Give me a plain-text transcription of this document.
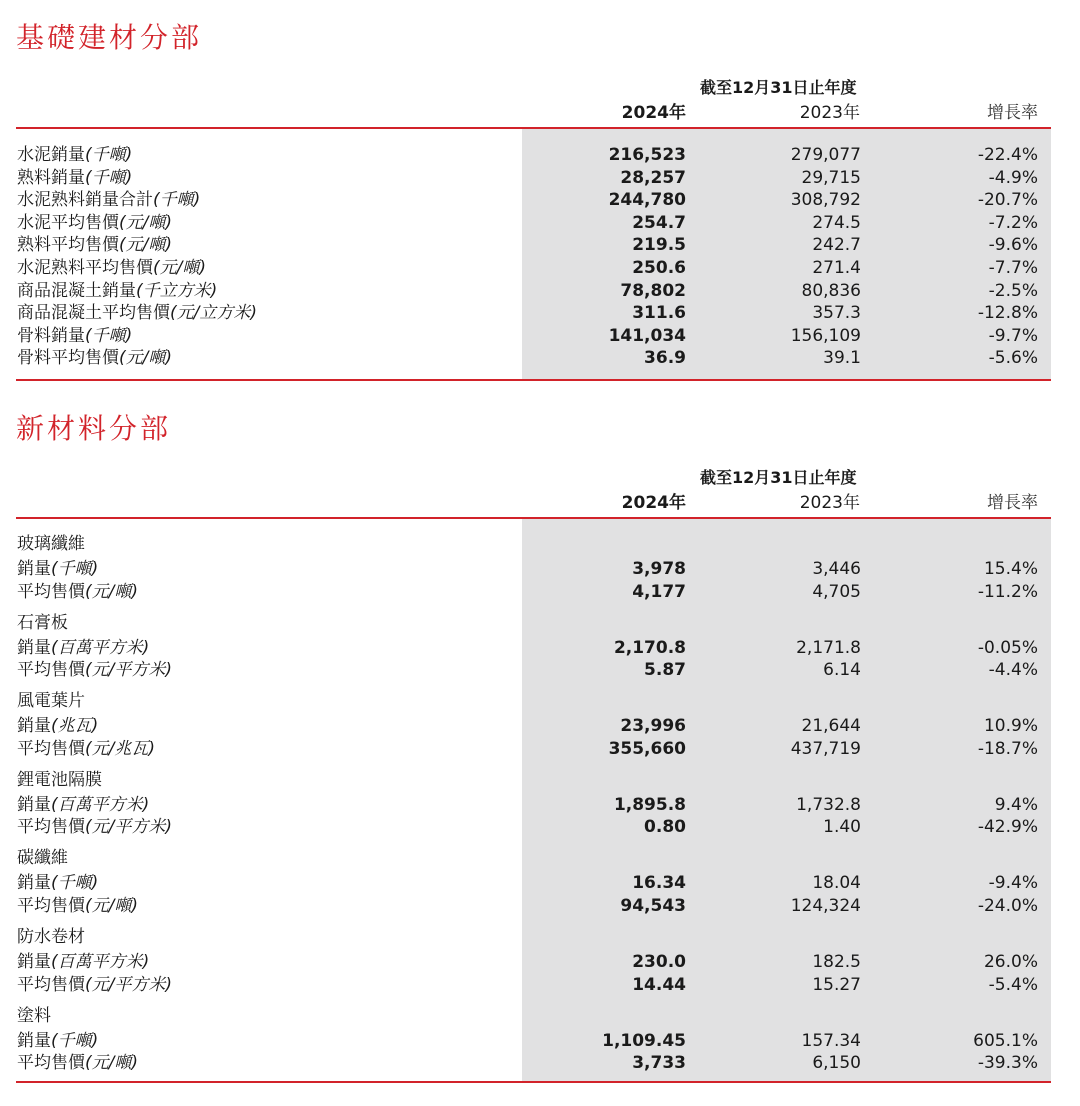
基礎建材分部
截至12月31日止年度
2024年	2023年	增長率
水泥銷量(千噸)	216,523	279,077	-22.4%
熟料銷量(千噸)	28,257	29,715	-4.9%
水泥熟料銷量合計(千噸)	244,780	308,792	-20.7%
水泥平均售價(元/噸)	254.7	274.5	-7.2%
熟料平均售價(元/噸)	219.5	242.7	-9.6%
水泥熟料平均售價(元/噸)	250.6	271.4	-7.7%
商品混凝土銷量(千立方米)	78,802	80,836	-2.5%
商品混凝土平均售價(元/立方米)	311.6	357.3	-12.8%
骨料銷量(千噸)	141,034	156,109	-9.7%
骨料平均售價(元/噸)	36.9	39.1	-5.6%
新材料分部
截至12月31日止年度
2024年	2023年	增長率
玻璃纖維
銷量(千噸)	3,978	3,446	15.4%
平均售價(元/噸)	4,177	4,705	-11.2%
石膏板
銷量(百萬平方米)	2,170.8	2,171.8	-0.05%
平均售價(元/平方米)	5.87	6.14	-4.4%
風電葉片
銷量(兆瓦)	23,996	21,644	10.9%
平均售價(元/兆瓦)	355,660	437,719	-18.7%
鋰電池隔膜
銷量(百萬平方米)	1,895.8	1,732.8	9.4%
平均售價(元/平方米)	0.80	1.40	-42.9%
碳纖維
銷量(千噸)	16.34	18.04	-9.4%
平均售價(元/噸)	94,543	124,324	-24.0%
防水卷材
銷量(百萬平方米)	230.0	182.5	26.0%
平均售價(元/平方米)	14.44	15.27	-5.4%
塗料
銷量(千噸)	1,109.45	157.34	605.1%
平均售價(元/噸)	3,733	6,150	-39.3%
